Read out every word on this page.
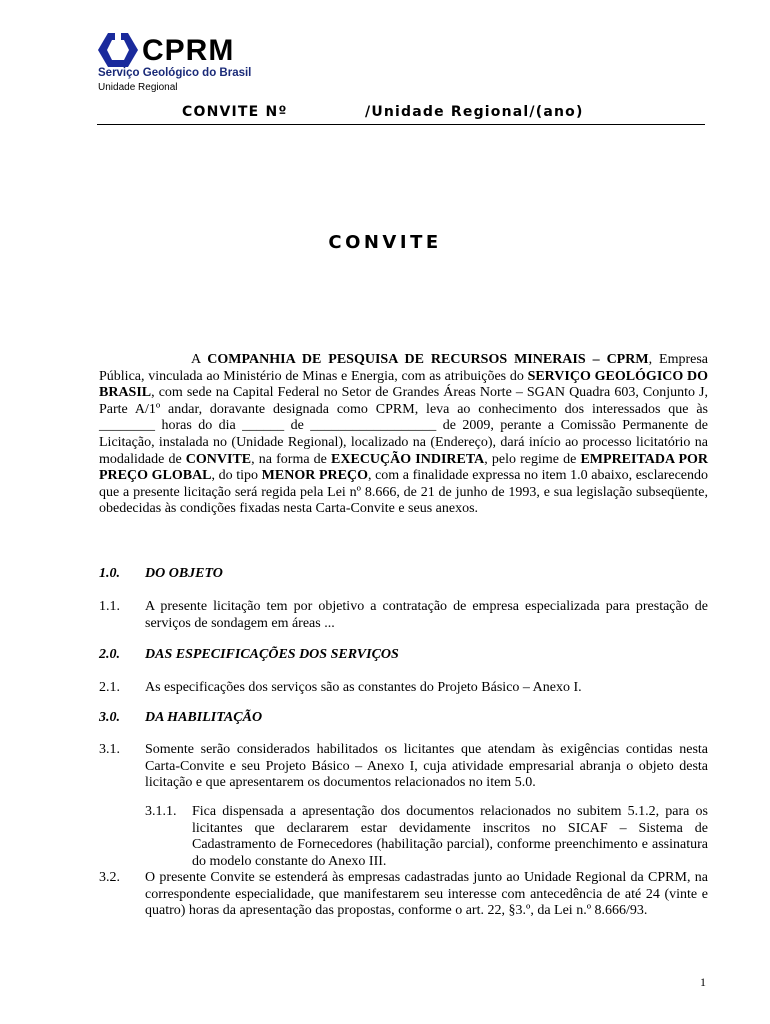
CPRM
Serviço Geológico do Brasil
Unidade Regional
CONVITE Nº	/Unidade Regional/(ano)
CONVITE

A COMPANHIA DE PESQUISA DE RECURSOS MINERAIS – CPRM, Empresa Pública, vinculada ao Ministério de Minas e Energia, com as atribuições do SERVIÇO GEOLÓGICO DO BRASIL, com sede na Capital Federal no Setor de Grandes Áreas Norte – SGAN Quadra 603, Conjunto J, Parte A/1º andar, doravante designada como CPRM, leva ao conhecimento dos interessados que às ________ horas do dia ______ de __________________ de 2009, perante a Comissão Permanente de Licitação, instalada no (Unidade Regional), localizado na (Endereço), dará início ao processo licitatório na modalidade de CONVITE, na forma de EXECUÇÃO INDIRETA, pelo regime de EMPREITADA POR PREÇO GLOBAL, do tipo MENOR PREÇO, com a finalidade expressa no item 1.0 abaixo, esclarecendo que a presente licitação será regida pela Lei nº 8.666, de 21 de junho de 1993, e sua legislação subseqüente, obedecidas às condições fixadas nesta Carta-Convite e seus anexos.

1.0. DO OBJETO
1.1. A presente licitação tem por objetivo a contratação de empresa especializada para prestação de serviços de sondagem em áreas ...
2.0. DAS ESPECIFICAÇÕES DOS SERVIÇOS
2.1. As especificações dos serviços são as constantes do Projeto Básico – Anexo I.
3.0. DA HABILITAÇÃO
3.1. Somente serão considerados habilitados os licitantes que atendam às exigências contidas nesta Carta-Convite e seu Projeto Básico – Anexo I, cuja atividade empresarial abranja o objeto desta licitação e que apresentarem os documentos relacionados no item 5.0.
3.1.1. Fica dispensada a apresentação dos documentos relacionados no subitem 5.1.2, para os licitantes que declararem estar devidamente inscritos no SICAF – Sistema de Cadastramento de Fornecedores (habilitação parcial), conforme preenchimento e assinatura do modelo constante do Anexo III.
3.2. O presente Convite se estenderá às empresas cadastradas junto ao Unidade Regional da CPRM, na correspondente especialidade, que manifestarem seu interesse com antecedência de até 24 (vinte e quatro) horas da apresentação das propostas, conforme o art. 22, §3.º, da Lei n.º 8.666/93.
1
